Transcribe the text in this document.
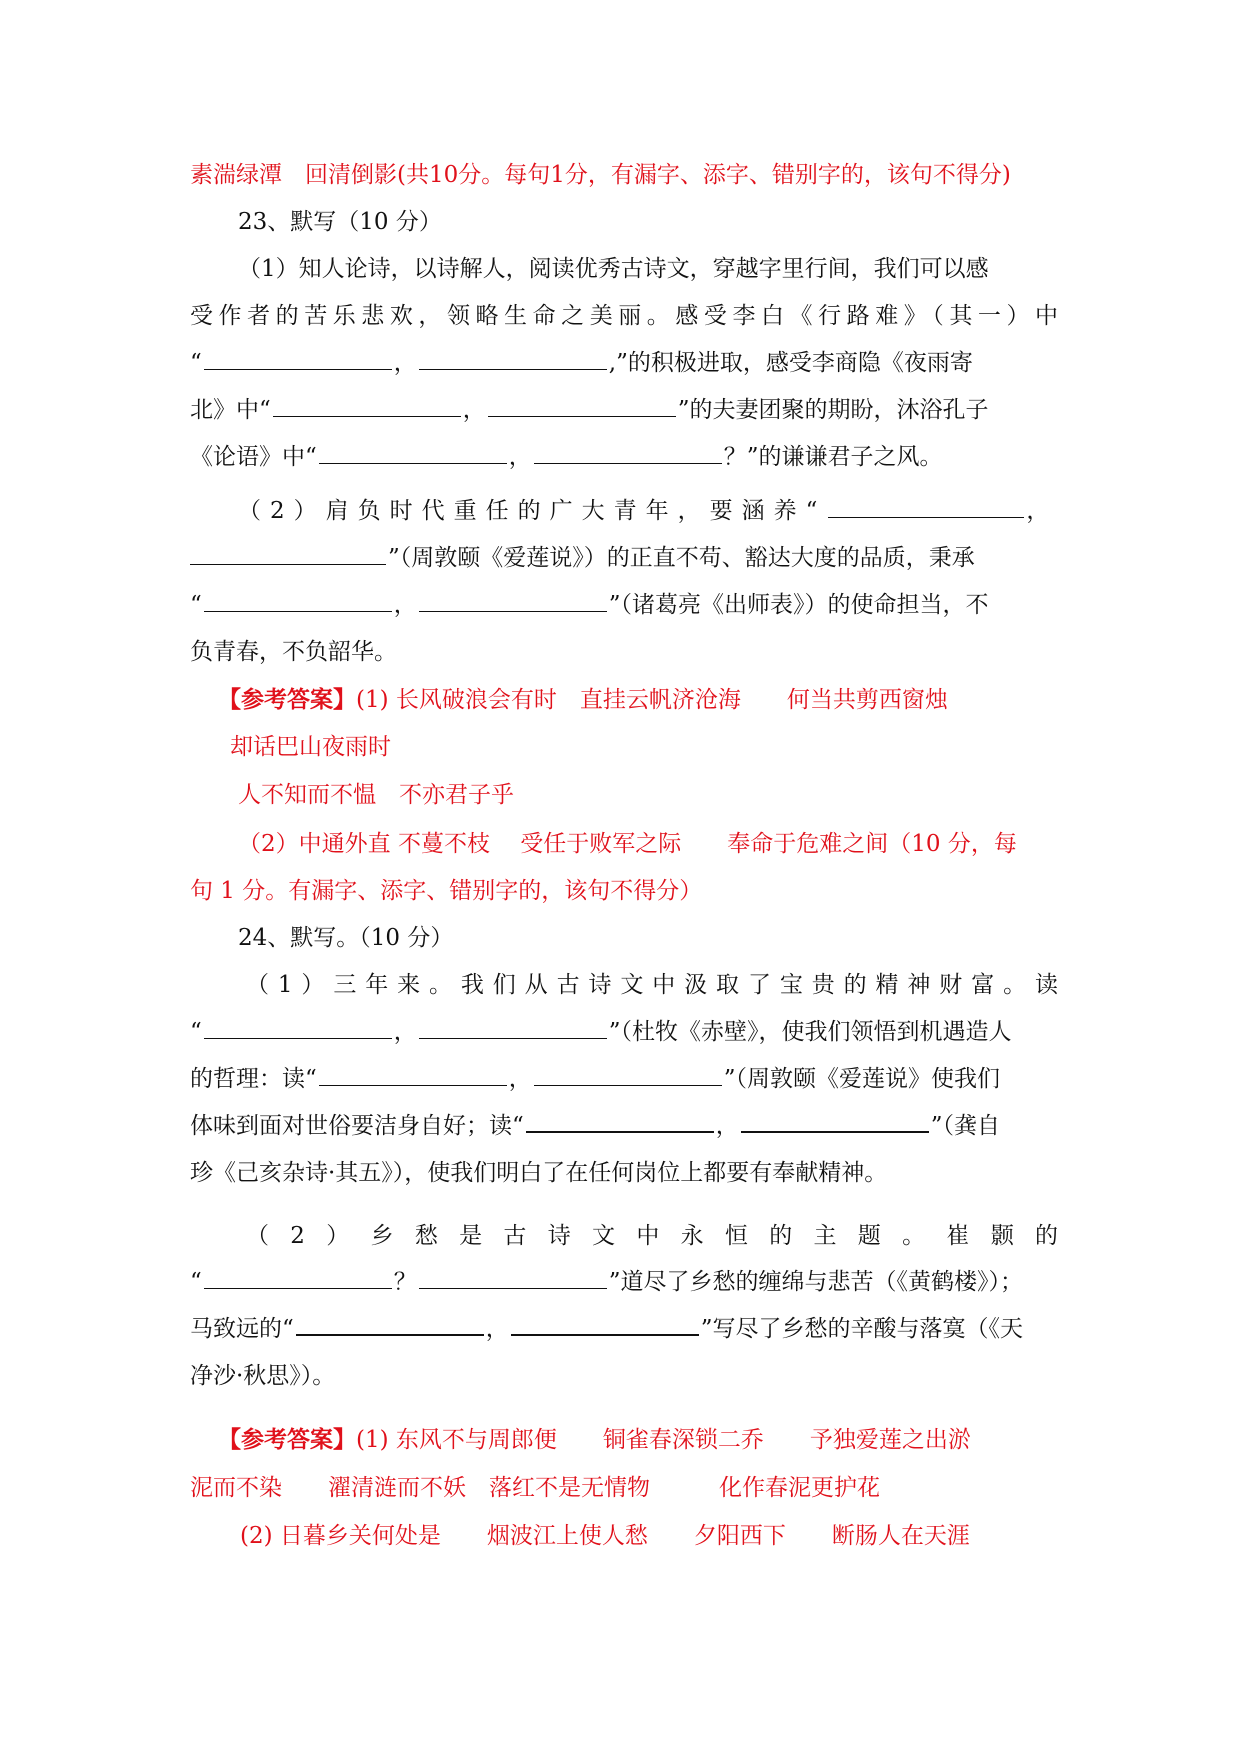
素湍绿潭　回清倒影(共10分。每句1分，有漏字、添字、错别字的，该句不得分)
23、默写（10 分）
（1）知人论诗，以诗解人，阅读优秀古诗文，穿越字里行间，我们可以感
受作者的苦乐悲欢，领略生命之美丽。感受李白《行路难》（其一）中
“	，	,”的积极进取，感受李商隐《夜雨寄
北》中“	，	”的夫妻团聚的期盼，沐浴孔子
《论语》中“	，	？”的谦谦君子之风。
（2）肩负时代重任的广大青年，要涵养“	，
”（周敦颐《爱莲说》）的正直不苟、豁达大度的品质，秉承
“	，	”（诸葛亮《出师表》）的使命担当，不
负青春，不负韶华。
【参考答案】(1) 长风破浪会有时　直挂云帆济沧海　　何当共剪西窗烛
却话巴山夜雨时
人不知而不愠　不亦君子乎
（2）中通外直 不蔓不枝　 受任于败军之际　　奉命于危难之间（10 分，每
句 1 分。有漏字、添字、错别字的，该句不得分）
24、默写。（10 分）
（1）三年来。我们从古诗文中汲取了宝贵的精神财富。读
“	，	”（杜牧《赤壁》，使我们领悟到机遇造人
的哲理：读“	，	”（周敦颐《爱莲说》使我们
体味到面对世俗要洁身自好；读“	，	”（龚自
珍《己亥杂诗·其五》），使我们明白了在任何岗位上都要有奉献精神。
（2）乡愁是古诗文中永恒的主题。崔颢的
“	？	”道尽了乡愁的缠绵与悲苦（《黄鹤楼》）；
马致远的“	，	”写尽了乡愁的辛酸与落寞（《天
净沙·秋思》）。
【参考答案】(1) 东风不与周郎便　　铜雀春深锁二乔　　予独爱莲之出淤
泥而不染　　濯清涟而不妖　落红不是无情物　　　化作春泥更护花
(2) 日暮乡关何处是　　烟波江上使人愁　　夕阳西下　　断肠人在天涯
